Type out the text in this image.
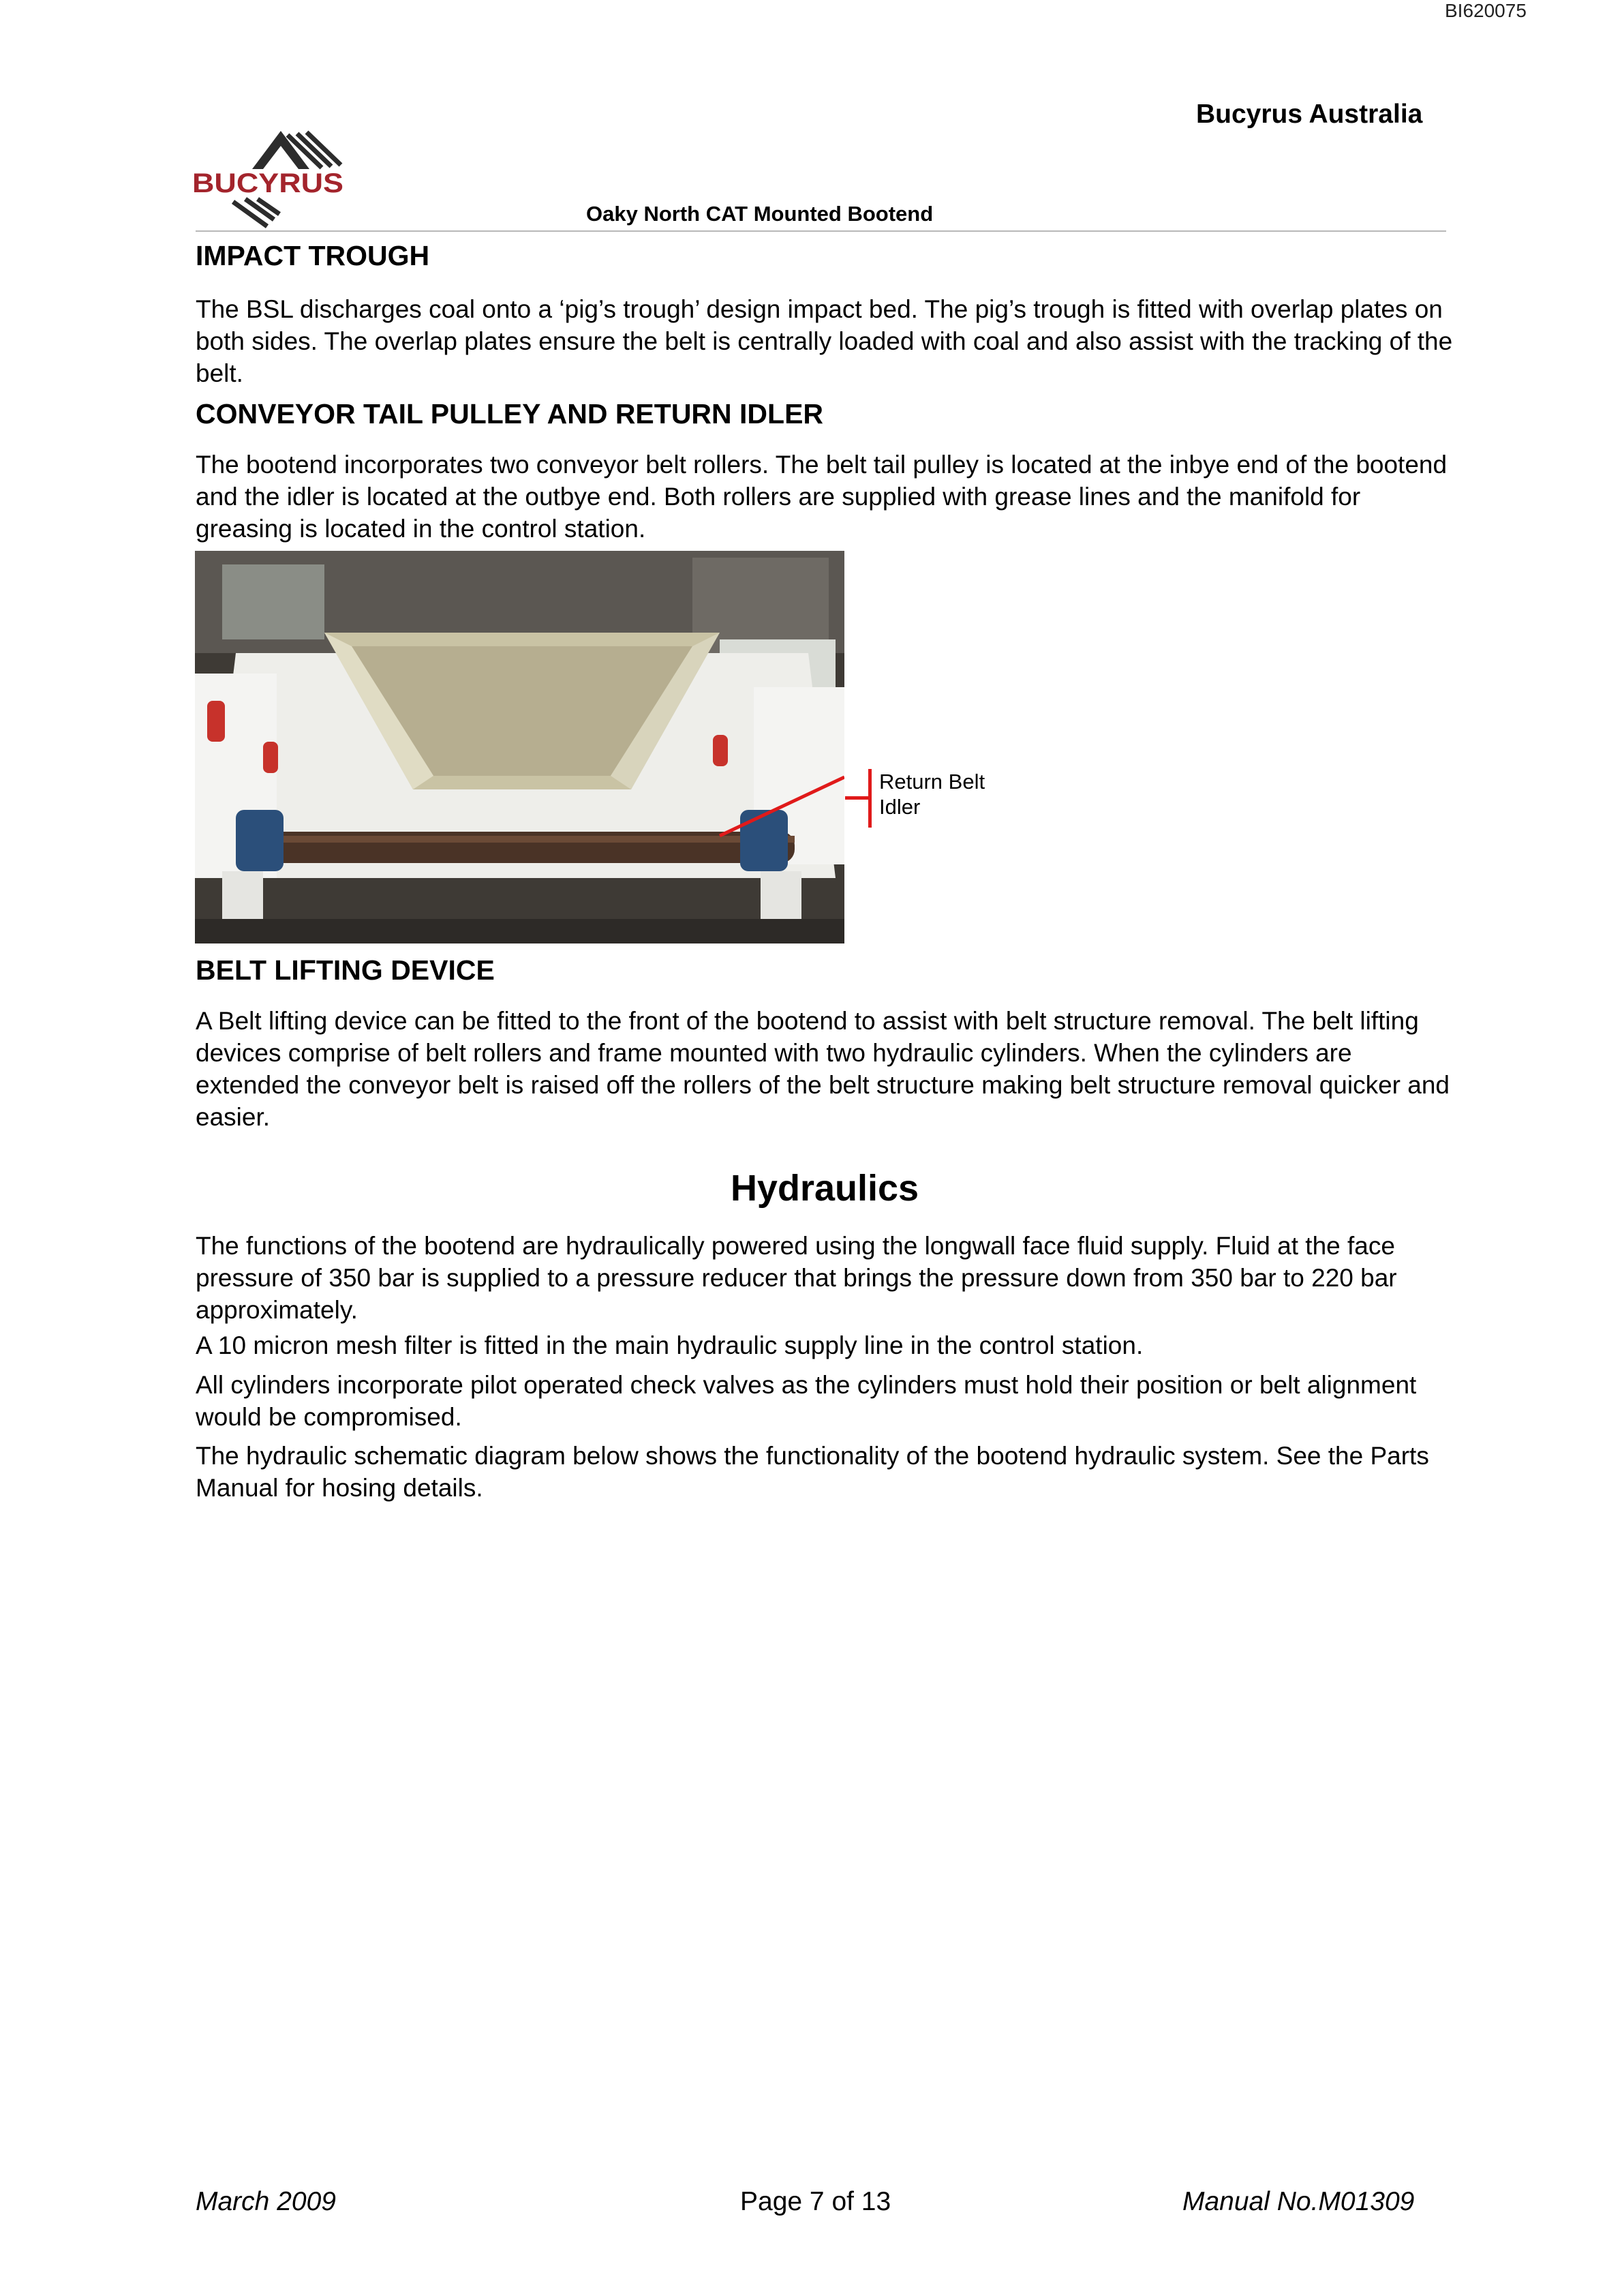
BI620075
Bucyrus Australia
BUCYRUS
Oaky North CAT Mounted Bootend
IMPACT TROUGH

The BSL discharges coal onto a ‘pig’s trough’ design impact bed. The pig’s trough is fitted with overlap plates on both sides. The overlap plates ensure the belt is centrally loaded with coal and also assist with the tracking of the belt.

CONVEYOR TAIL PULLEY AND RETURN IDLER

The bootend incorporates two conveyor belt rollers. The belt tail pulley is located at the inbye end of the bootend and the idler is located at the outbye end. Both rollers are supplied with grease lines and the manifold for greasing is located in the control station.

Return Belt
Idler
BELT LIFTING DEVICE

A Belt lifting device can be fitted to the front of the bootend to assist with belt structure removal. The belt lifting devices comprise of belt rollers and frame mounted with two hydraulic cylinders. When the cylinders are extended the conveyor belt is raised off the rollers of the belt structure making belt structure removal quicker and easier.

Hydraulics

The functions of the bootend are hydraulically powered using the longwall face fluid supply. Fluid at the face pressure of 350 bar is supplied to a pressure reducer that brings the pressure down from 350 bar to 220 bar approximately.

A 10 micron mesh filter is fitted in the main hydraulic supply line in the control station.

All cylinders incorporate pilot operated check valves as the cylinders must hold their position or belt alignment would be compromised.

The hydraulic schematic diagram below shows the functionality of the bootend hydraulic system. See the Parts Manual for hosing details.

March 2009	Page 7 of 13	Manual No.M01309
